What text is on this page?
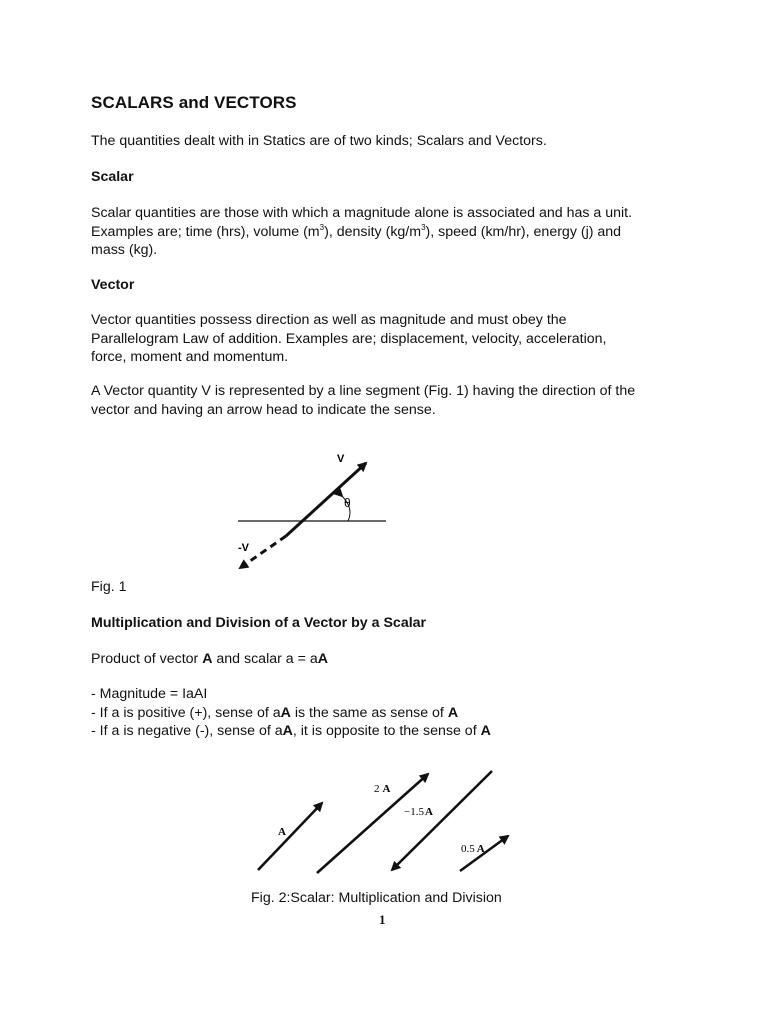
SCALARS and VECTORS

The quantities dealt with in Statics are of two kinds; Scalars and Vectors.

Scalar

Scalar quantities are those with which a magnitude alone is associated and has a unit.
Examples are; time (hrs), volume $(m^3)$, density $(kg/m^3)$, speed (km/hr), energy (j) and
mass (kg).

Vector

Vector quantities possess direction as well as magnitude and must obey the
Parallelogram Law of addition. Examples are; displacement, velocity, acceleration,
force, moment and momentum.
A Vector quantity V is represented by a line segment (Fig. 1) having the direction of the
vector and having an arrow head to indicate the sense.

Fig. 1

Multiplication and Division of a Vector by a Scalar

Product of vector A and scalar a = aA

- Magnitude = IaAI
- If a is positive (+), sense of aA is the same as sense of A
- If a is negative (-), sense of aA, it is opposite to the sense of A
V
-V
θ
A
2 A
−1.5A
0.5 A

Fig. 2:Scalar: Multiplication and Division

1
